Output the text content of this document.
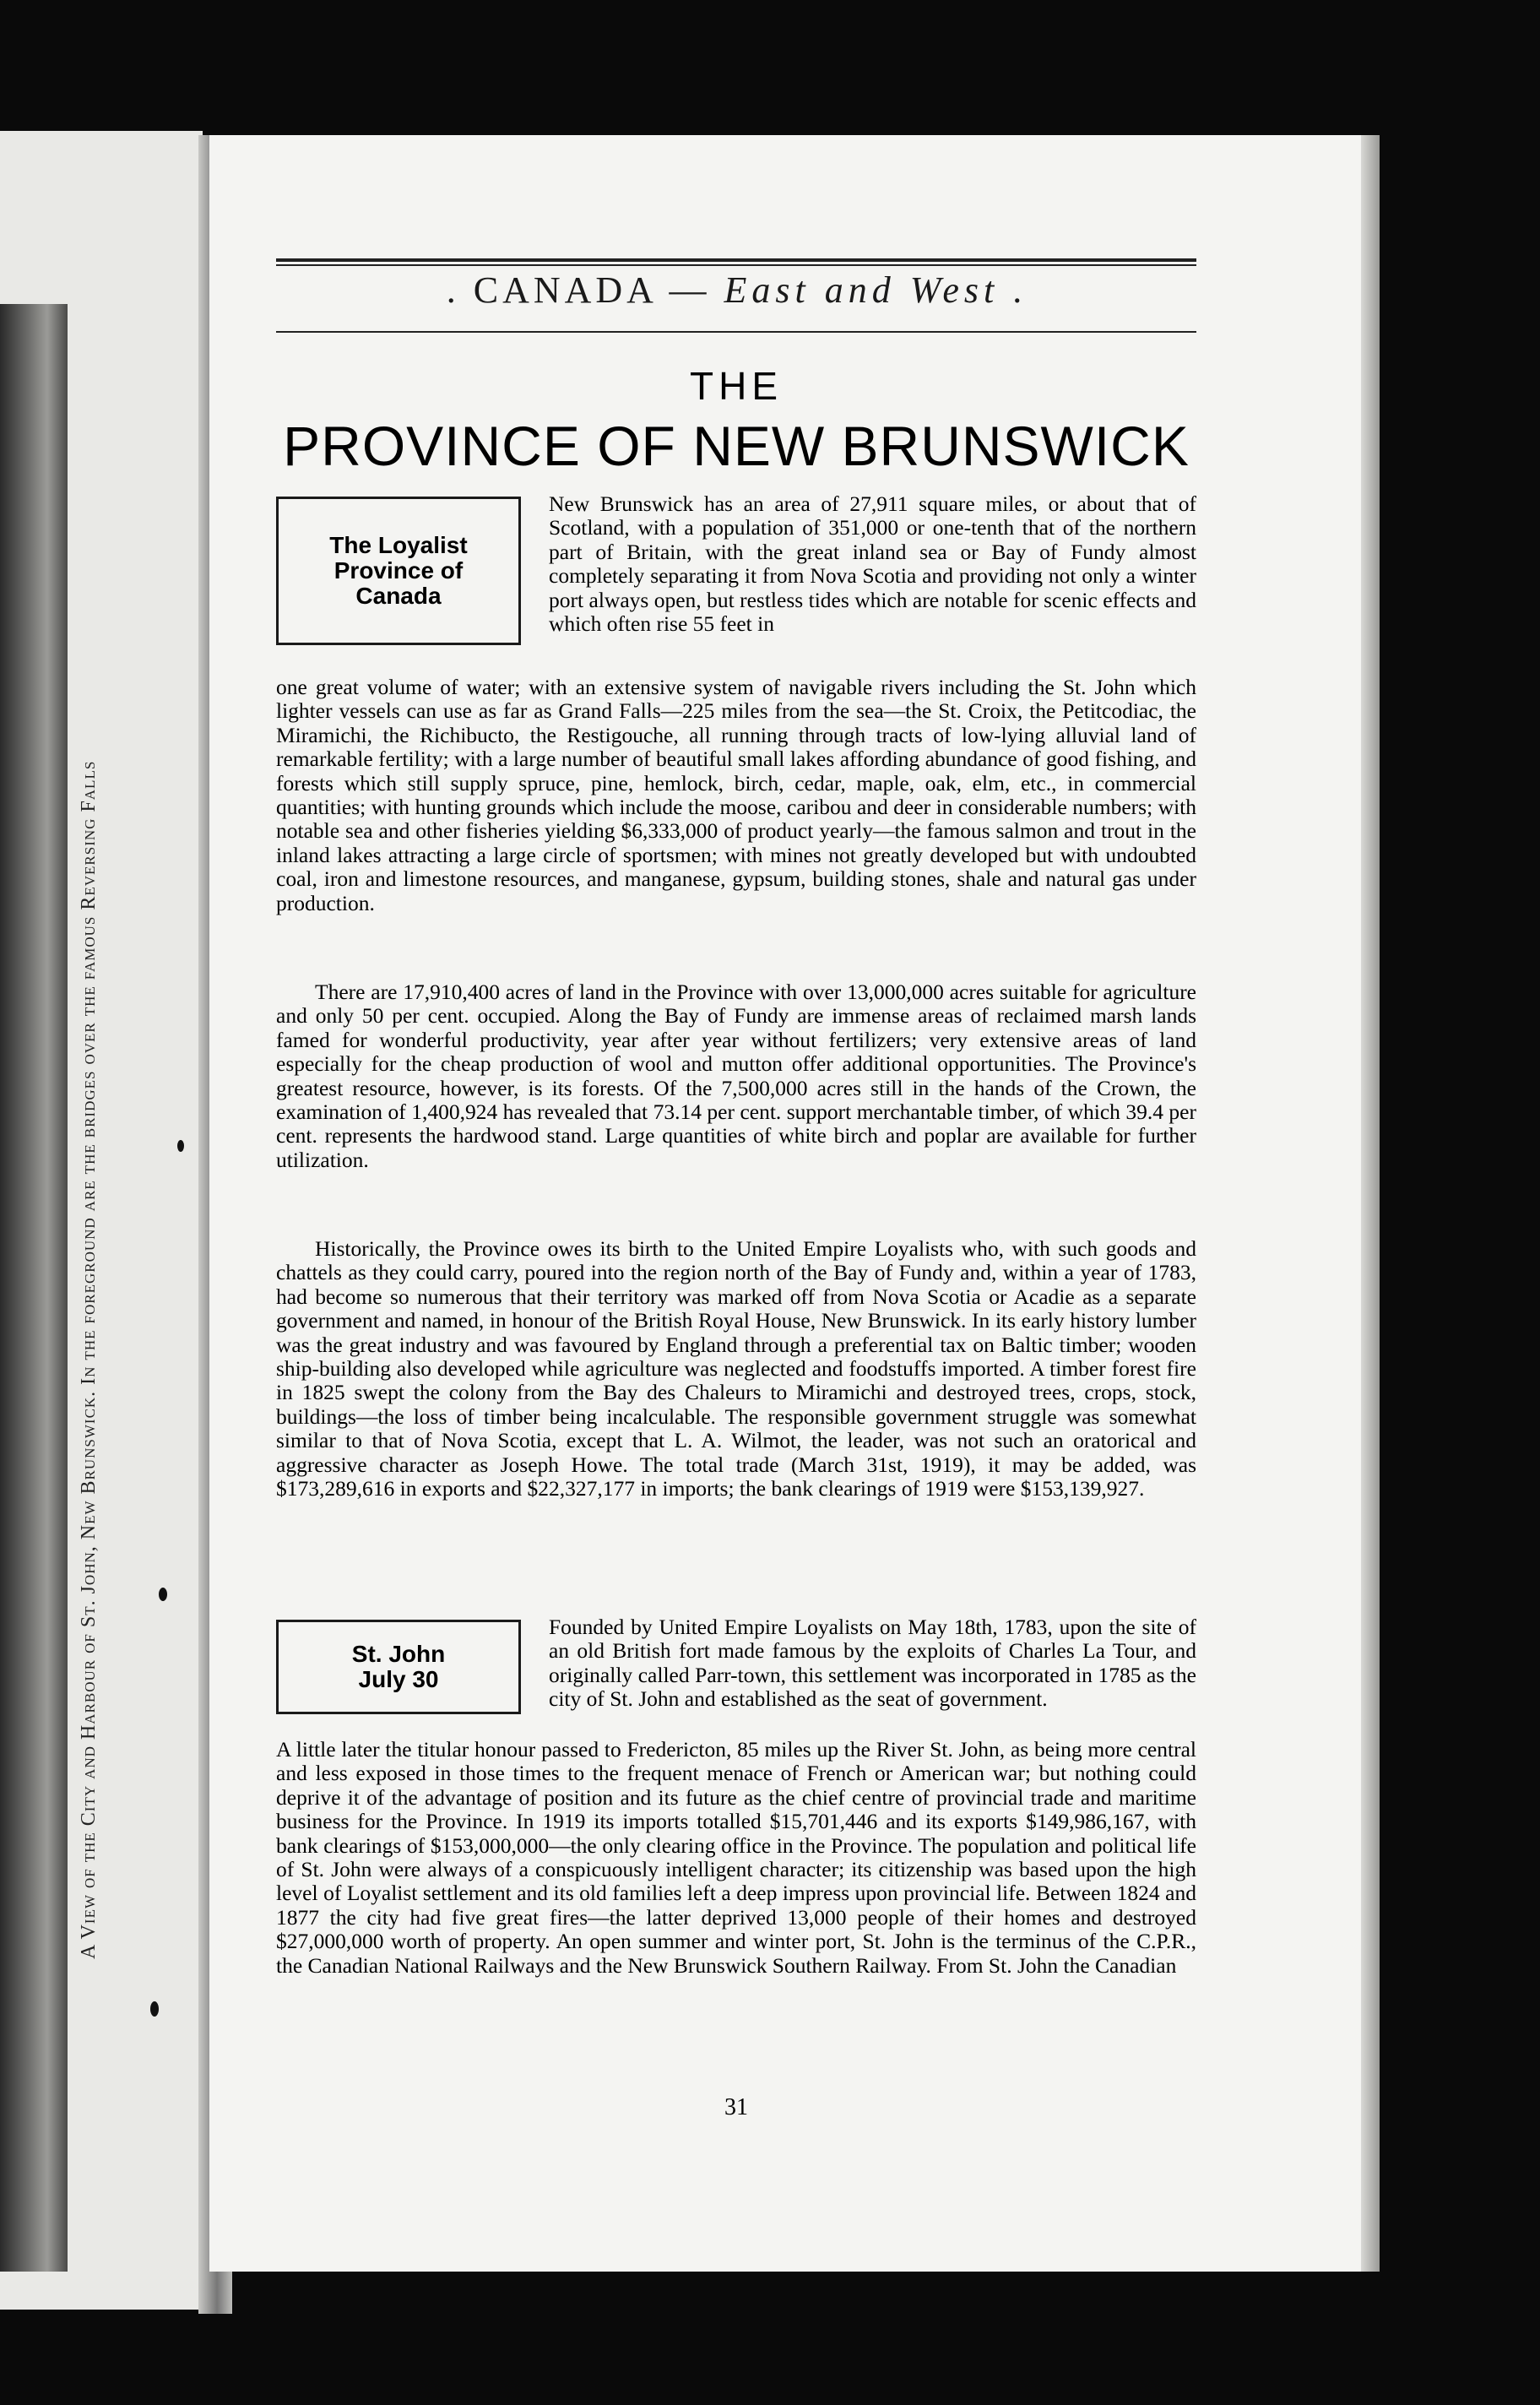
A View of the City and Harbour of St. John, New Brunswick. In the foreground are the bridges over the famous Reversing Falls
. CANADA — East and West .
THE
PROVINCE OF NEW BRUNSWICK
The Loyalist Province of Canada

New Brunswick has an area of 27,911 square miles, or about that of Scotland, with a population of 351,000 or one-tenth that of the northern part of Britain, with the great inland sea or Bay of Fundy almost completely separating it from Nova Scotia and providing not only a winter port always open, but restless tides which are notable for scenic effects and which often rise 55 feet in

one great volume of water; with an extensive system of navigable rivers including the St. John which lighter vessels can use as far as Grand Falls—225 miles from the sea—the St. Croix, the Petitcodiac, the Miramichi, the Richibucto, the Restigouche, all running through tracts of low-lying alluvial land of remarkable fertility; with a large number of beautiful small lakes affording abundance of good fishing, and forests which still supply spruce, pine, hemlock, birch, cedar, maple, oak, elm, etc., in commercial quantities; with hunting grounds which include the moose, caribou and deer in considerable numbers; with notable sea and other fisheries yielding $6,333,000 of product yearly—the famous salmon and trout in the inland lakes attracting a large circle of sportsmen; with mines not greatly developed but with undoubted coal, iron and limestone resources, and manganese, gypsum, building stones, shale and natural gas under production.

There are 17,910,400 acres of land in the Province with over 13,000,000 acres suitable for agriculture and only 50 per cent. occupied. Along the Bay of Fundy are immense areas of reclaimed marsh lands famed for wonderful productivity, year after year without fertilizers; very extensive areas of land especially for the cheap production of wool and mutton offer additional opportunities. The Province's greatest resource, however, is its forests. Of the 7,500,000 acres still in the hands of the Crown, the examination of 1,400,924 has revealed that 73.14 per cent. support merchantable timber, of which 39.4 per cent. represents the hardwood stand. Large quantities of white birch and poplar are available for further utilization.

Historically, the Province owes its birth to the United Empire Loyalists who, with such goods and chattels as they could carry, poured into the region north of the Bay of Fundy and, within a year of 1783, had become so numerous that their territory was marked off from Nova Scotia or Acadie as a separate government and named, in honour of the British Royal House, New Brunswick. In its early history lumber was the great industry and was favoured by England through a preferential tax on Baltic timber; wooden ship-building also developed while agriculture was neglected and foodstuffs imported. A timber forest fire in 1825 swept the colony from the Bay des Chaleurs to Miramichi and destroyed trees, crops, stock, buildings—the loss of timber being incalculable. The responsible government struggle was somewhat similar to that of Nova Scotia, except that L. A. Wilmot, the leader, was not such an oratorical and aggressive character as Joseph Howe. The total trade (March 31st, 1919), it may be added, was $173,289,616 in exports and $22,327,177 in imports; the bank clearings of 1919 were $153,139,927.

St. John
July 30

Founded by United Empire Loyalists on May 18th, 1783, upon the site of an old British fort made famous by the exploits of Charles La Tour, and originally called Parr-town, this settlement was incorporated in 1785 as the city of St. John and established as the seat of government.

A little later the titular honour passed to Fredericton, 85 miles up the River St. John, as being more central and less exposed in those times to the frequent menace of French or American war; but nothing could deprive it of the advantage of position and its future as the chief centre of provincial trade and maritime business for the Province. In 1919 its imports totalled $15,701,446 and its exports $149,986,167, with bank clearings of $153,000,000—the only clearing office in the Province. The population and political life of St. John were always of a conspicuously intelligent character; its citizenship was based upon the high level of Loyalist settlement and its old families left a deep impress upon provincial life. Between 1824 and 1877 the city had five great fires—the latter deprived 13,000 people of their homes and destroyed $27,000,000 worth of property. An open summer and winter port, St. John is the terminus of the C.P.R., the Canadian National Railways and the New Brunswick Southern Railway. From St. John the Canadian

31
